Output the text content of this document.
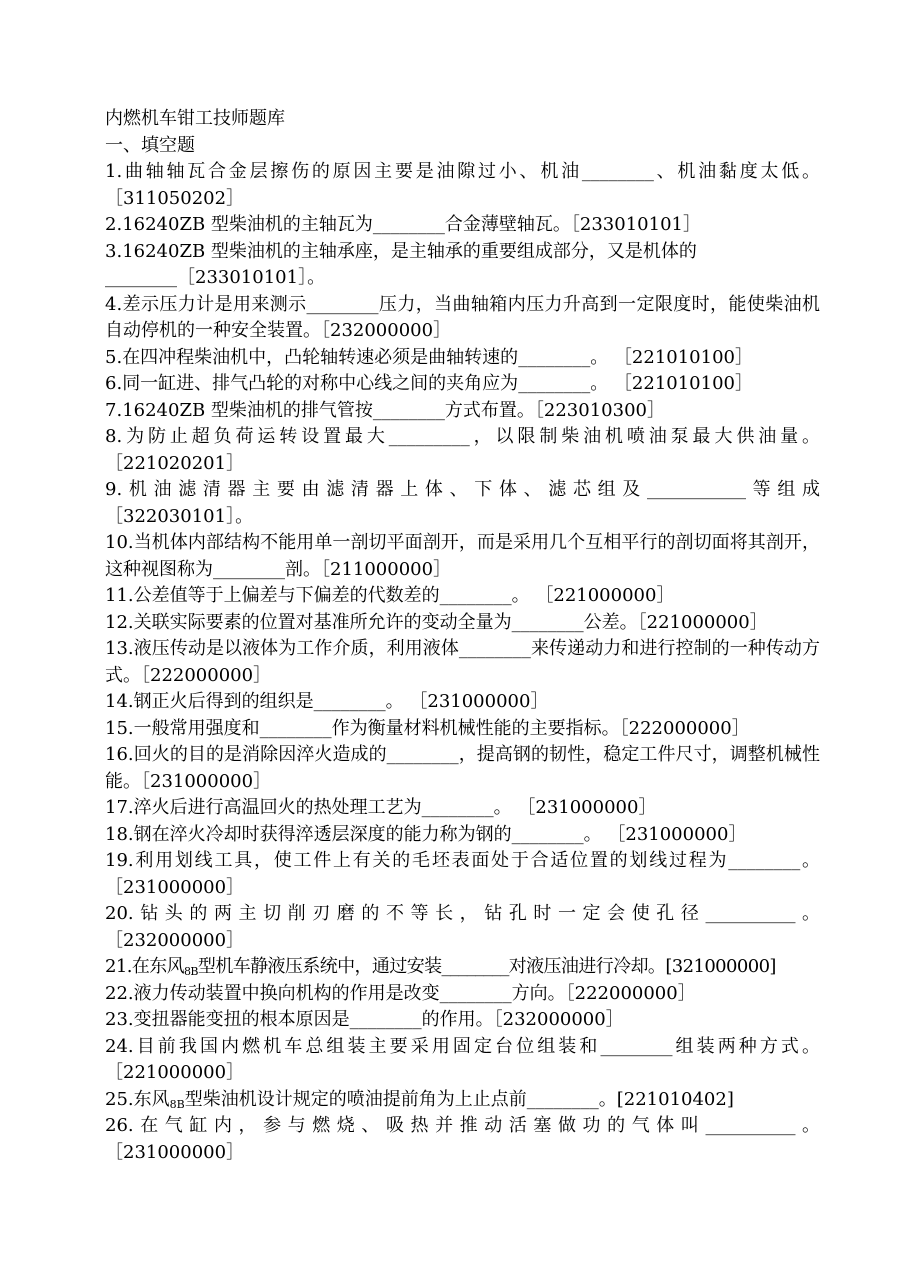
内燃机车钳工技师题库
一、填空题
1.曲轴轴瓦合金层擦伤的原因主要是油隙过小、机油________、机油黏度太低。
［311050202］
2.16240ZB 型柴油机的主轴瓦为________合金薄壁轴瓦。［233010101］
3.16240ZB 型柴油机的主轴承座，是主轴承的重要组成部分，又是机体的
________［233010101］。
4.差示压力计是用来测示________压力，当曲轴箱内压力升高到一定限度时，能使柴油机自动停机的一种安全装置。［232000000］
5.在四冲程柴油机中，凸轮轴转速必须是曲轴转速的________。 ［221010100］
6.同一缸进、排气凸轮的对称中心线之间的夹角应为________。 ［221010100］
7.16240ZB 型柴油机的排气管按________方式布置。［223010300］
8.为防止超负荷运转设置最大_________，以限制柴油机喷油泵最大供油量。
［221020201］
9.机油滤清器主要由滤清器上体、下体、滤芯组及___________等组成
［322030101］。
10.当机体内部结构不能用单一剖切平面剖开，而是采用几个互相平行的剖切面将其剖开，这种视图称为________剖。［211000000］
11.公差值等于上偏差与下偏差的代数差的________。 ［221000000］
12.关联实际要素的位置对基准所允许的变动全量为________公差。［221000000］
13.液压传动是以液体为工作介质，利用液体________来传递动力和进行控制的一种传动方式。［222000000］
14.钢正火后得到的组织是________。 ［231000000］
15.一般常用强度和________作为衡量材料机械性能的主要指标。［222000000］
16.回火的目的是消除因淬火造成的________，提高钢的韧性，稳定工件尺寸，调整机械性能。［231000000］
17.淬火后进行高温回火的热处理工艺为________。 ［231000000］
18.钢在淬火冷却时获得淬透层深度的能力称为钢的________。 ［231000000］
19.利用划线工具，使工件上有关的毛坯表面处于合适位置的划线过程为________。
［231000000］
20.钻头的两主切削刃磨的不等长，钻孔时一定会使孔径__________。
［232000000］
21.在东风$_{8B}$型机车静液压系统中，通过安装________对液压油进行冷却。[321000000]
22.液力传动装置中换向机构的作用是改变________方向。［222000000］
23.变扭器能变扭的根本原因是________的作用。［232000000］
24.目前我国内燃机车总组装主要采用固定台位组装和________组装两种方式。
［221000000］
25.东风$_{8B}$型柴油机设计规定的喷油提前角为上止点前________。[221010402]
26.在气缸内，参与燃烧、吸热并推动活塞做功的气体叫__________。
［231000000］
